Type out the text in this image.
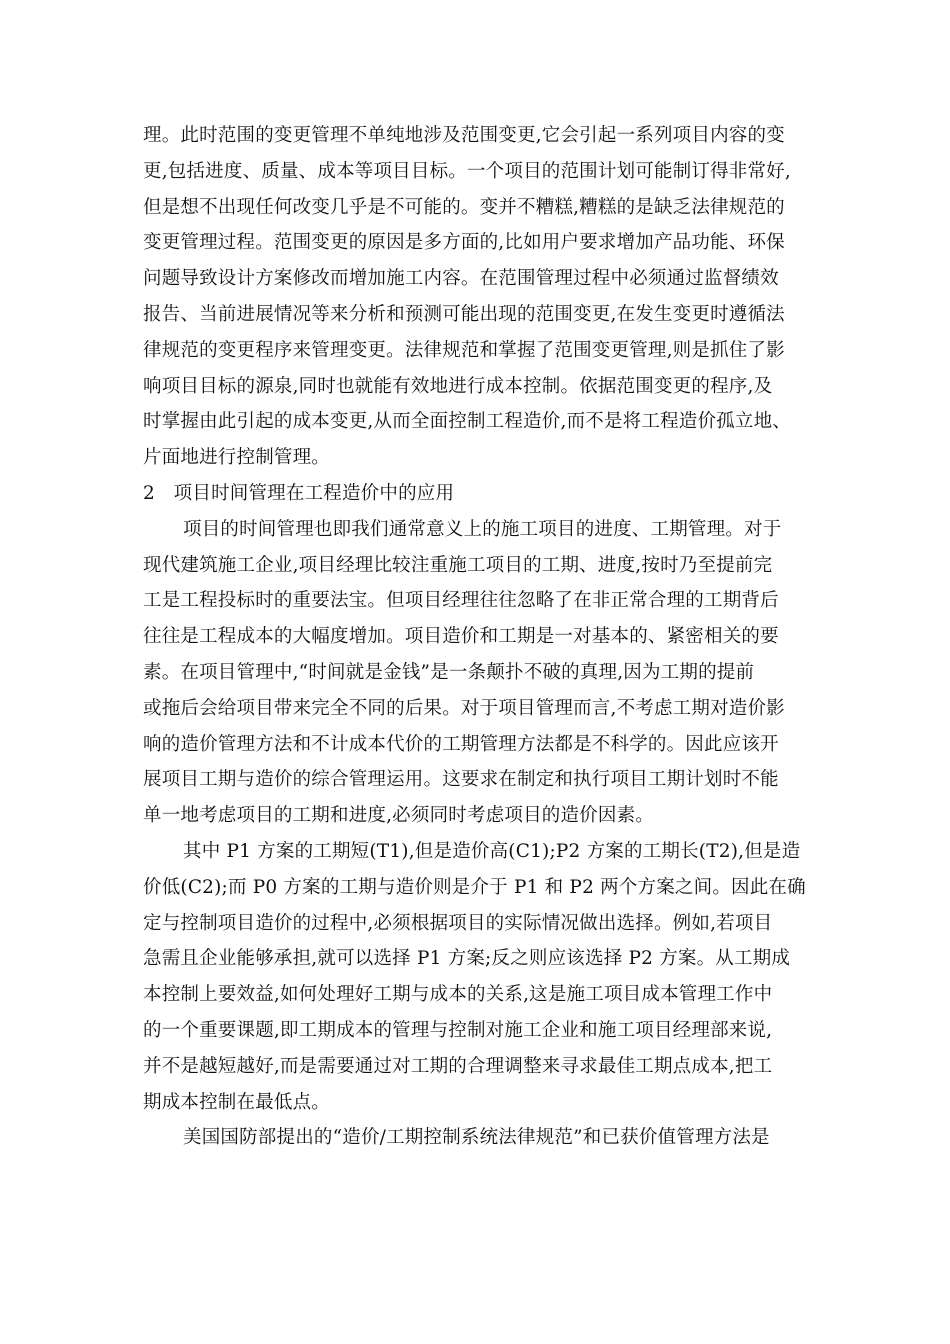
理。此时范围的变更管理不单纯地涉及范围变更,它会引起一系列项目内容的变
更,包括进度、质量、成本等项目目标。一个项目的范围计划可能制订得非常好,
但是想不出现任何改变几乎是不可能的。变并不糟糕,糟糕的是缺乏法律规范的
变更管理过程。范围变更的原因是多方面的,比如用户要求增加产品功能、环保
问题导致设计方案修改而增加施工内容。在范围管理过程中必须通过监督绩效
报告、当前进展情况等来分析和预测可能出现的范围变更,在发生变更时遵循法
律规范的变更程序来管理变更。法律规范和掌握了范围变更管理,则是抓住了影
响项目目标的源泉,同时也就能有效地进行成本控制。依据范围变更的程序,及
时掌握由此引起的成本变更,从而全面控制工程造价,而不是将工程造价孤立地、
片面地进行控制管理。
2　项目时间管理在工程造价中的应用
项目的时间管理也即我们通常意义上的施工项目的进度、工期管理。对于
现代建筑施工企业,项目经理比较注重施工项目的工期、进度,按时乃至提前完
工是工程投标时的重要法宝。但项目经理往往忽略了在非正常合理的工期背后
往往是工程成本的大幅度增加。项目造价和工期是一对基本的、紧密相关的要
素。在项目管理中,“时间就是金钱”是一条颠扑不破的真理,因为工期的提前
或拖后会给项目带来完全不同的后果。对于项目管理而言,不考虑工期对造价影
响的造价管理方法和不计成本代价的工期管理方法都是不科学的。因此应该开
展项目工期与造价的综合管理运用。这要求在制定和执行项目工期计划时不能
单一地考虑项目的工期和进度,必须同时考虑项目的造价因素。
其中 P1 方案的工期短(T1),但是造价高(C1);P2 方案的工期长(T2),但是造
价低(C2);而 P0 方案的工期与造价则是介于 P1 和 P2 两个方案之间。因此在确
定与控制项目造价的过程中,必须根据项目的实际情况做出选择。例如,若项目
急需且企业能够承担,就可以选择 P1 方案;反之则应该选择 P2 方案。从工期成
本控制上要效益,如何处理好工期与成本的关系,这是施工项目成本管理工作中
的一个重要课题,即工期成本的管理与控制对施工企业和施工项目经理部来说,
并不是越短越好,而是需要通过对工期的合理调整来寻求最佳工期点成本,把工
期成本控制在最低点。
美国国防部提出的“造价/工期控制系统法律规范”和已获价值管理方法是
